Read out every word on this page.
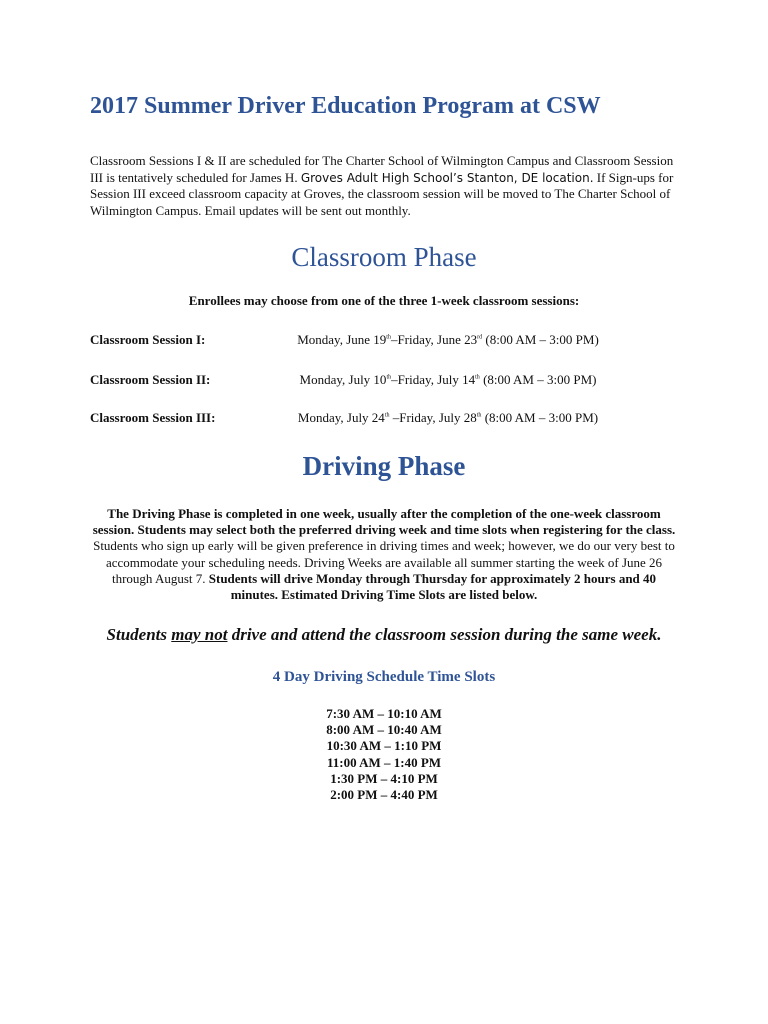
2017 Summer Driver Education Program at CSW

Classroom Sessions I & II are scheduled for The Charter School of Wilmington Campus and Classroom Session III is tentatively scheduled for James H. Groves Adult High School’s Stanton, DE location. If Sign-ups for Session III exceed classroom capacity at Groves, the classroom session will be moved to The Charter School of Wilmington Campus. Email updates will be sent out monthly.

Classroom Phase

Enrollees may choose from one of the three 1-week classroom sessions:

Classroom Session I:	Monday, June 19th–Friday, June 23rd (8:00 AM – 3:00 PM)
Classroom Session II:	Monday, July 10th–Friday, July 14th (8:00 AM – 3:00 PM)
Classroom Session III:	Monday, July 24th –Friday, July 28th (8:00 AM – 3:00 PM)
Driving Phase

The Driving Phase is completed in one week, usually after the completion of the one-week classroom session. Students may select both the preferred driving week and time slots when registering for the class. Students who sign up early will be given preference in driving times and week; however, we do our very best to accommodate your scheduling needs. Driving Weeks are available all summer starting the week of June 26 through August 7. Students will drive Monday through Thursday for approximately 2 hours and 40 minutes. Estimated Driving Time Slots are listed below.

Students may not drive and attend the classroom session during the same week.

4 Day Driving Schedule Time Slots
7:30 AM – 10:10 AM
8:00 AM – 10:40 AM
10:30 AM – 1:10 PM
11:00 AM – 1:40 PM
1:30 PM – 4:10 PM
2:00 PM – 4:40 PM
